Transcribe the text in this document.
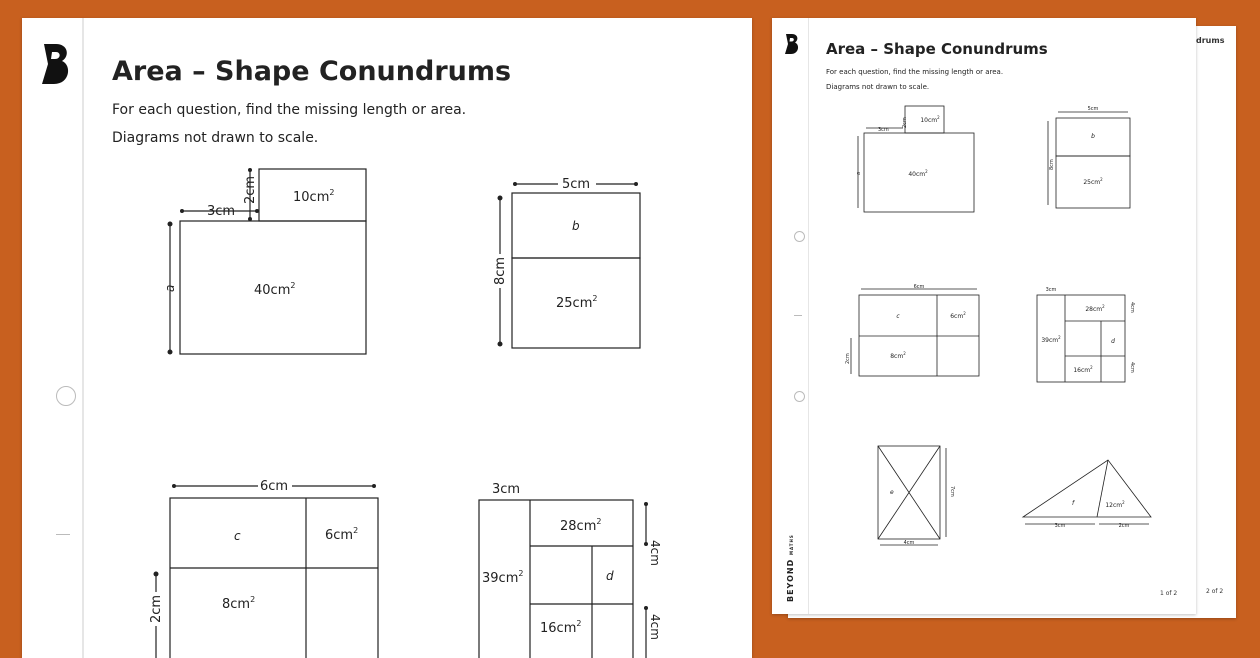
Area – Shape Conundrums
For each question, find the missing length or area.
Diagrams not drawn to scale.
3cm
2cm	$10cm^2$
$40cm^2$
a
5cm
8cm
b
$25cm^2$
6cm
2cm
c	$6cm^2$
$8cm^2$
3cm
4cm
4cm
$39cm^2$
$28cm^2$
d
$16cm^2$
drums
2 of 2
Area – Shape Conundrums
For each question, find the missing length or area.
Diagrams not drawn to scale.
$10cm^2$
$40cm^2$
3cm
2cm
a
5cm
8cm
b
$25cm^2$
6cm
2cm
c	$6cm^2$
$8cm^2$
3cm
$39cm^2$
$28cm^2$
d
$16cm^2$
4cm
4cm
e	7cm
4cm
f	$12cm^2$
3cm	2cm
BEYOND MATHS
1 of 2
